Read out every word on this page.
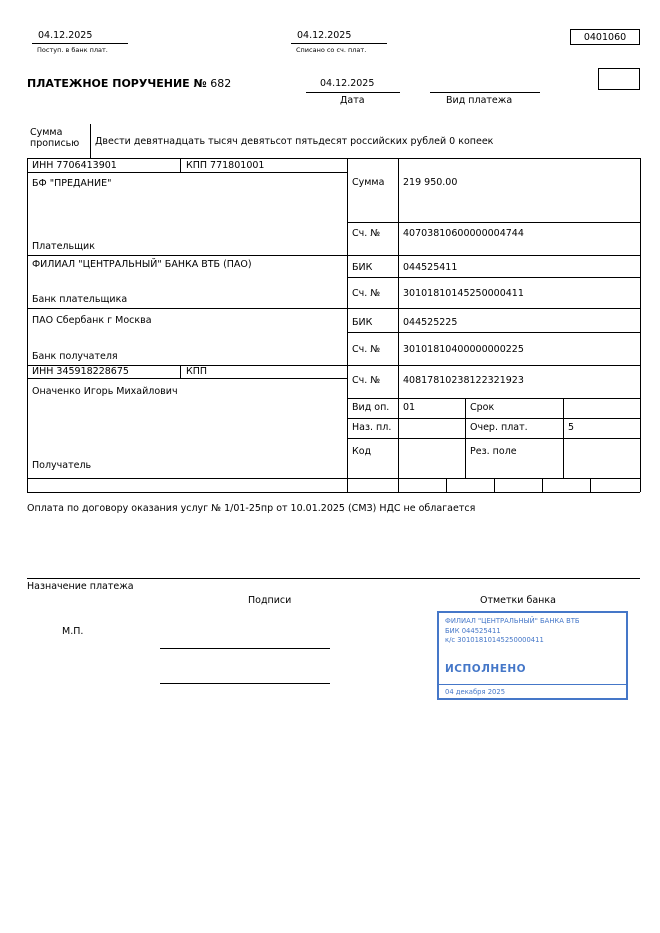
04.12.2025
Поступ. в банк плат.
04.12.2025
Списано со сч. плат.
0401060
ПЛАТЕЖНОЕ ПОРУЧЕНИЕ № 682	04.12.2025
Дата	Вид платежа
Сумма прописью	Двести девятнадцать тысяч девятьсот пятьдесят российских рублей 0 копеек
ИНН 7706413901	КПП 771801001
БФ "ПРЕДАНИЕ"
Плательщик
Сумма 219 950.00
Сч. № 40703810600000004744
ФИЛИАЛ "ЦЕНТРАЛЬНЫЙ" БАНКА ВТБ (ПАО)	БИК	044525411
Сч. № 30101810145250000411
Банк плательщика
ПАО Сбербанк г Москва	БИК	044525225
Сч. № 30101810400000000225
Банк получателя
ИНН 345918228675	КПП
Сч. № 40817810238122321923
Оначенко Игорь Михайлович
Получатель
Вид оп. 01	Срок
Наз. пл.	Очер. плат.	5
Код	Рез. поле
Оплата по договору оказания услуг № 1/01-25пр от 10.01.2025 (СМЗ) НДС не облагается
Назначение платежа
Подписи	Отметки банка
М.П.
ФИЛИАЛ "ЦЕНТРАЛЬНЫЙ" БАНКА ВТБ
БИК 044525411
к/с 30101810145250000411
ИСПОЛНЕНО
04 декабря 2025
